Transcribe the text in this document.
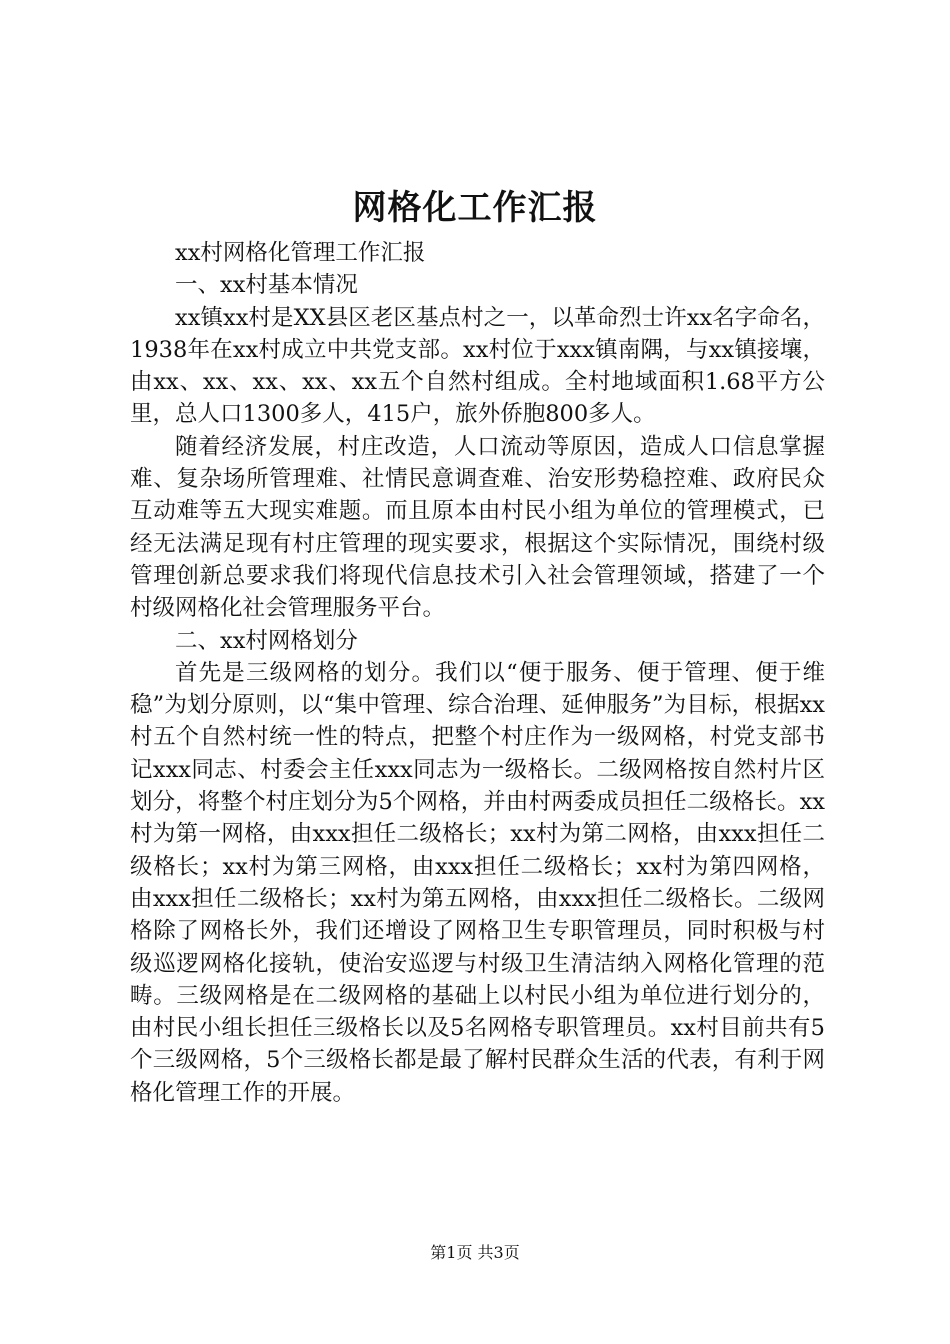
网格化工作汇报

xx村网格化管理工作汇报

一、xx村基本情况

xx镇xx村是XX县区老区基点村之一，以革命烈士许xx名字命名，1938年在xx村成立中共党支部。xx村位于xxx镇南隅，与xx镇接壤，由xx、xx、xx、xx、xx五个自然村组成。全村地域面积1.68平方公里，总人口1300多人，415户，旅外侨胞800多人。

随着经济发展，村庄改造，人口流动等原因，造成人口信息掌握难、复杂场所管理难、社情民意调查难、治安形势稳控难、政府民众互动难等五大现实难题。而且原本由村民小组为单位的管理模式，已经无法满足现有村庄管理的现实要求，根据这个实际情况，围绕村级管理创新总要求我们将现代信息技术引入社会管理领域，搭建了一个村级网格化社会管理服务平台。

二、xx村网格划分

首先是三级网格的划分。我们以“便于服务、便于管理、便于维稳”为划分原则，以“集中管理、综合治理、延伸服务”为目标，根据xx村五个自然村统一性的特点，把整个村庄作为一级网格，村党支部书记xxx同志、村委会主任xxx同志为一级格长。二级网格按自然村片区划分，将整个村庄划分为5个网格，并由村两委成员担任二级格长。xx村为第一网格，由xxx担任二级格长；xx村为第二网格，由xxx担任二级格长；xx村为第三网格，由xxx担任二级格长；xx村为第四网格，由xxx担任二级格长；xx村为第五网格，由xxx担任二级格长。二级网格除了网格长外，我们还增设了网格卫生专职管理员，同时积极与村级巡逻网格化接轨，使治安巡逻与村级卫生清洁纳入网格化管理的范畴。三级网格是在二级网格的基础上以村民小组为单位进行划分的，由村民小组长担任三级格长以及5名网格专职管理员。xx村目前共有5个三级网格，5个三级格长都是最了解村民群众生活的代表，有利于网格化管理工作的开展。

第1页 共3页
